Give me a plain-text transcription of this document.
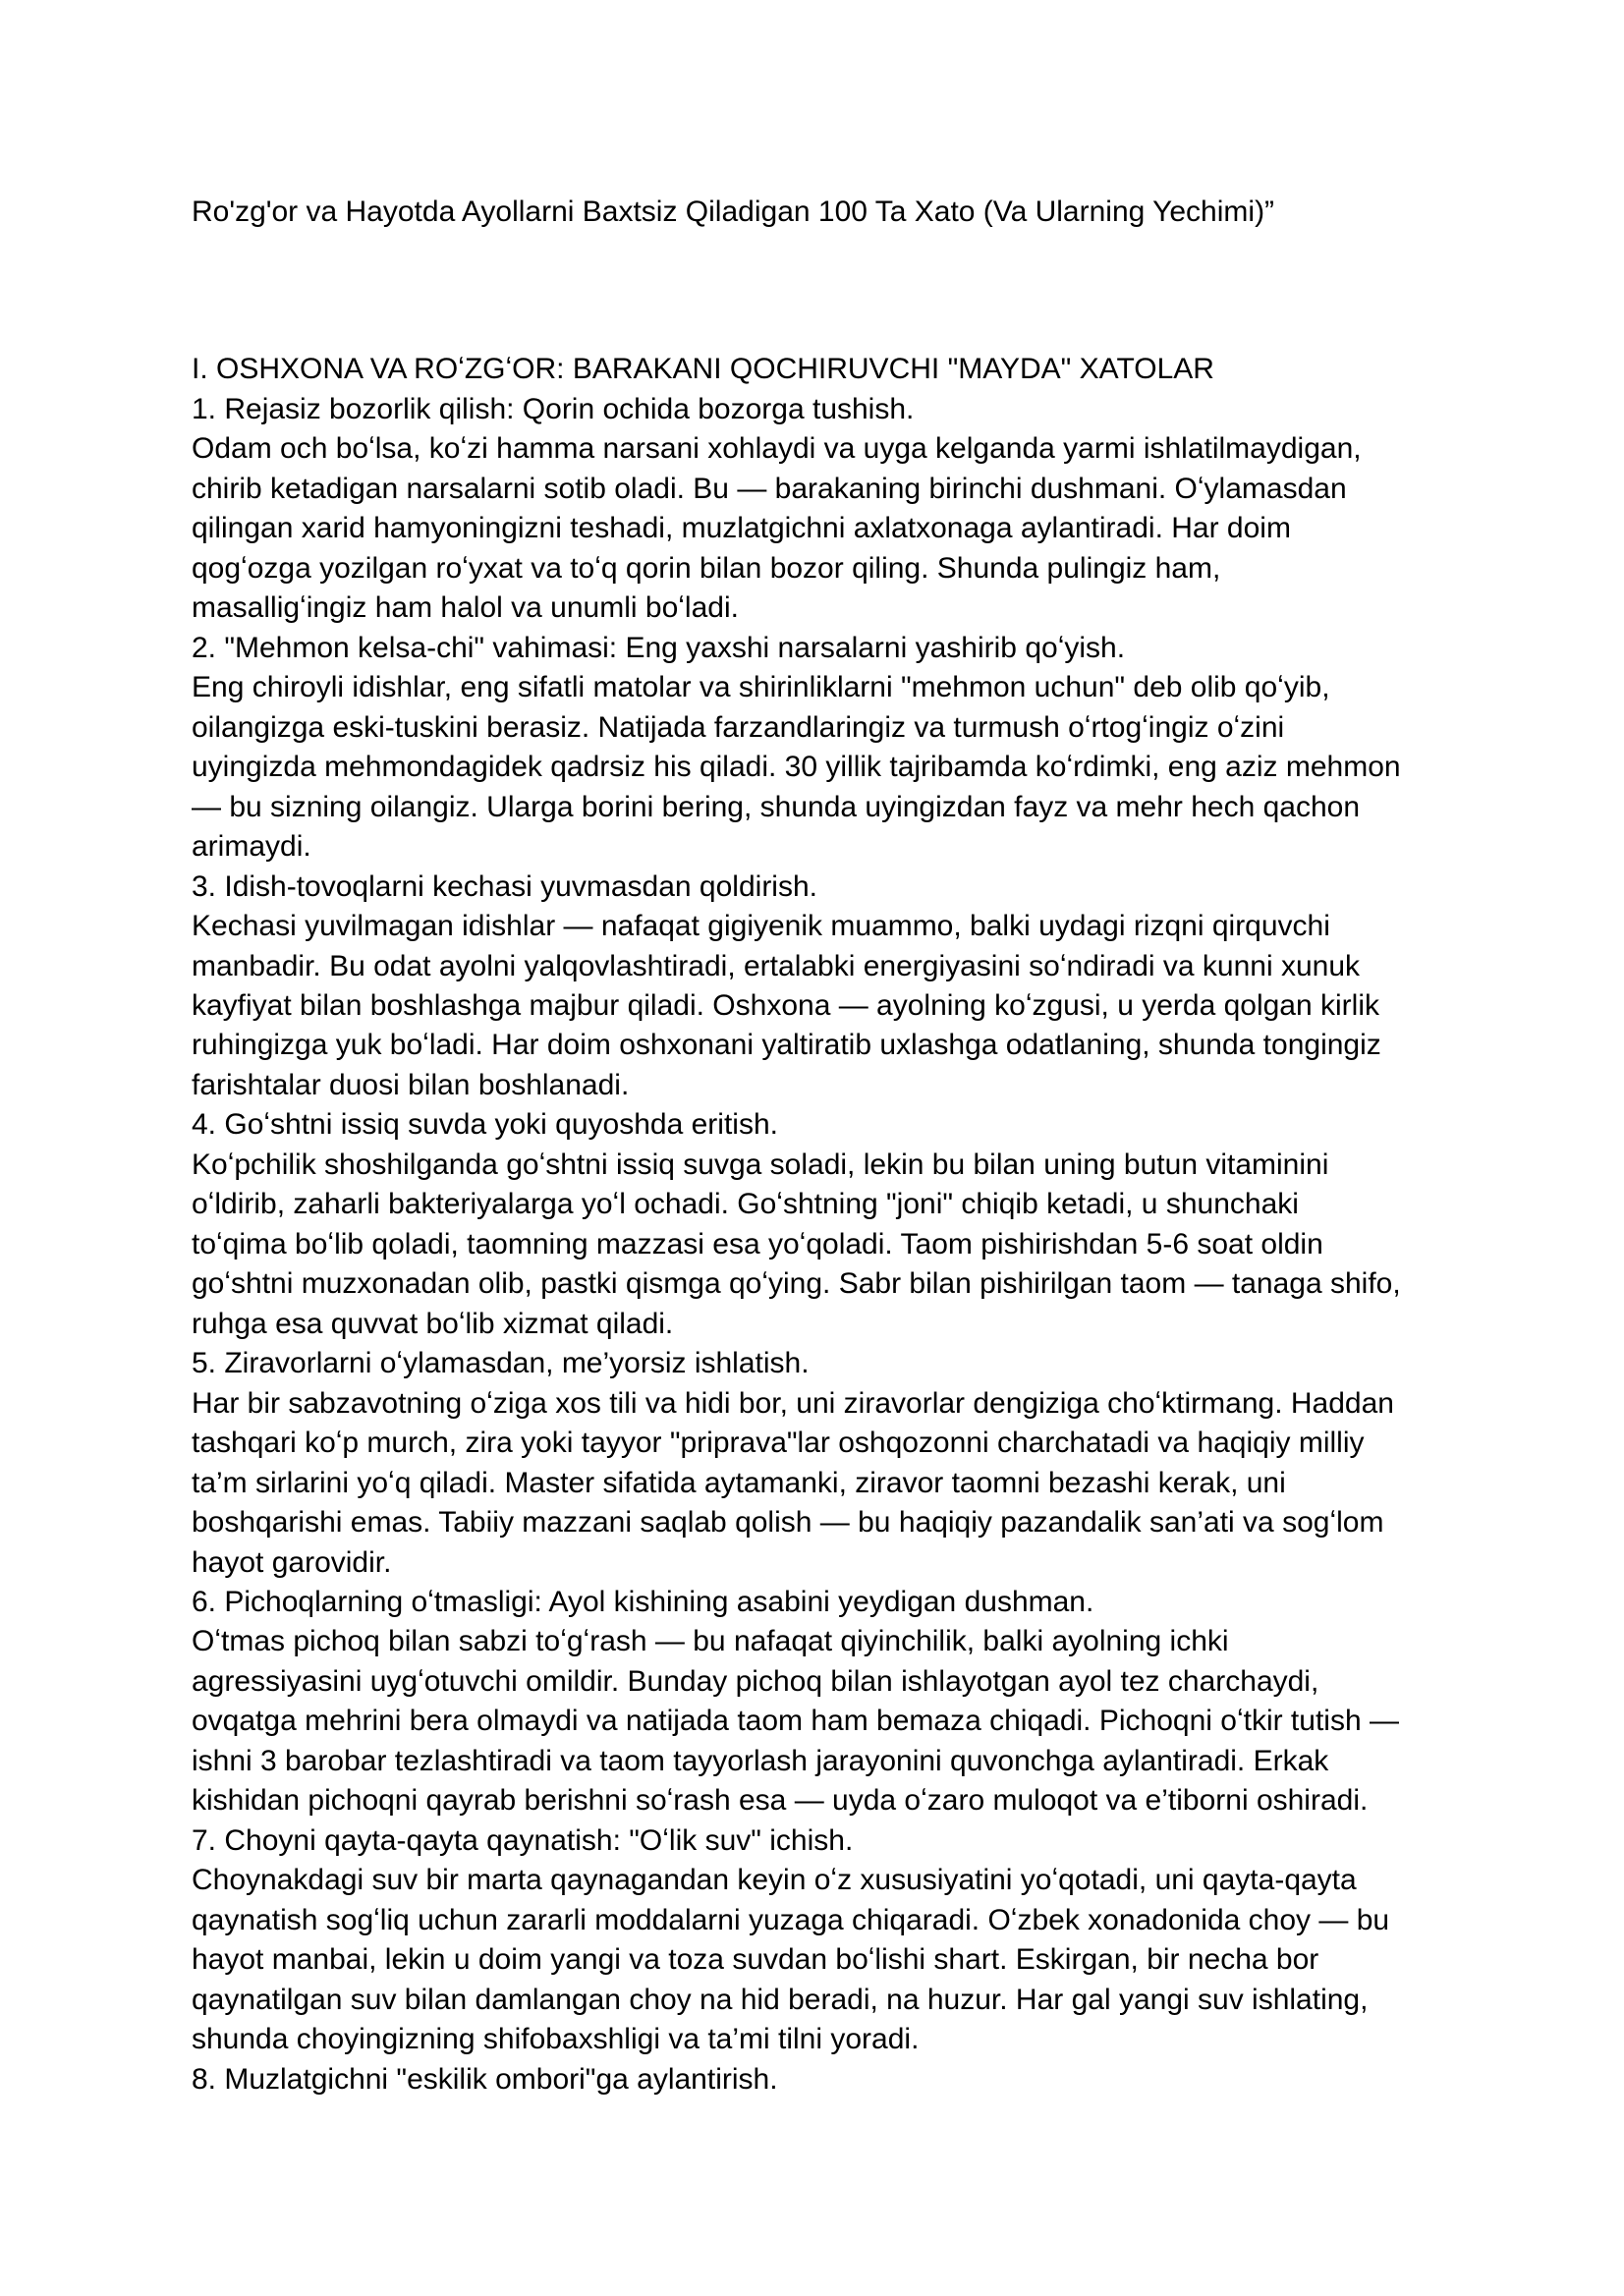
Ro'zg'or va Hayotda Ayollarni Baxtsiz Qiladigan 100 Ta Xato (Va Ularning Yechimi)”
I. OSHXONA VA ROʻZGʻOR: BARAKANI QOCHIRUVCHI "MAYDA" XATOLAR
1. Rejasiz bozorlik qilish: Qorin ochida bozorga tushish.
Odam och boʻlsa, koʻzi hamma narsani xohlaydi va uyga kelganda yarmi ishlatilmaydigan,
chirib ketadigan narsalarni sotib oladi. Bu — barakaning birinchi dushmani. Oʻylamasdan
qilingan xarid hamyoningizni teshadi, muzlatgichni axlatxonaga aylantiradi. Har doim
qogʻozga yozilgan roʻyxat va toʻq qorin bilan bozor qiling. Shunda pulingiz ham,
masalligʻingiz ham halol va unumli boʻladi.
2. "Mehmon kelsa-chi" vahimasi: Eng yaxshi narsalarni yashirib qoʻyish.
Eng chiroyli idishlar, eng sifatli matolar va shirinliklarni "mehmon uchun" deb olib qoʻyib,
oilangizga eski-tuskini berasiz. Natijada farzandlaringiz va turmush oʻrtogʻingiz oʻzini
uyingizda mehmondagidek qadrsiz his qiladi. 30 yillik tajribamda koʻrdimki, eng aziz mehmon
— bu sizning oilangiz. Ularga borini bering, shunda uyingizdan fayz va mehr hech qachon
arimaydi.
3. Idish-tovoqlarni kechasi yuvmasdan qoldirish.
Kechasi yuvilmagan idishlar — nafaqat gigiyenik muammo, balki uydagi rizqni qirquvchi
manbadir. Bu odat ayolni yalqovlashtiradi, ertalabki energiyasini soʻndiradi va kunni xunuk
kayfiyat bilan boshlashga majbur qiladi. Oshxona — ayolning koʻzgusi, u yerda qolgan kirlik
ruhingizga yuk boʻladi. Har doim oshxonani yaltiratib uxlashga odatlaning, shunda tongingiz
farishtalar duosi bilan boshlanadi.
4. Goʻshtni issiq suvda yoki quyoshda eritish.
Koʻpchilik shoshilganda goʻshtni issiq suvga soladi, lekin bu bilan uning butun vitaminini
oʻldirib, zaharli bakteriyalarga yoʻl ochadi. Goʻshtning "joni" chiqib ketadi, u shunchaki
toʻqima boʻlib qoladi, taomning mazzasi esa yoʻqoladi. Taom pishirishdan 5-6 soat oldin
goʻshtni muzxonadan olib, pastki qismga qoʻying. Sabr bilan pishirilgan taom — tanaga shifo,
ruhga esa quvvat boʻlib xizmat qiladi.
5. Ziravorlarni oʻylamasdan, me’yorsiz ishlatish.
Har bir sabzavotning oʻziga xos tili va hidi bor, uni ziravorlar dengiziga choʻktirmang. Haddan
tashqari koʻp murch, zira yoki tayyor "priprava"lar oshqozonni charchatadi va haqiqiy milliy
ta’m sirlarini yoʻq qiladi. Master sifatida aytamanki, ziravor taomni bezashi kerak, uni
boshqarishi emas. Tabiiy mazzani saqlab qolish — bu haqiqiy pazandalik san’ati va sogʻlom
hayot garovidir.
6. Pichoqlarning oʻtmasligi: Ayol kishining asabini yeydigan dushman.
Oʻtmas pichoq bilan sabzi toʻgʻrash — bu nafaqat qiyinchilik, balki ayolning ichki
agressiyasini uygʻotuvchi omildir. Bunday pichoq bilan ishlayotgan ayol tez charchaydi,
ovqatga mehrini bera olmaydi va natijada taom ham bemaza chiqadi. Pichoqni oʻtkir tutish —
ishni 3 barobar tezlashtiradi va taom tayyorlash jarayonini quvonchga aylantiradi. Erkak
kishidan pichoqni qayrab berishni soʻrash esa — uyda oʻzaro muloqot va e’tiborni oshiradi.
7. Choyni qayta-qayta qaynatish: "Oʻlik suv" ichish.
Choynakdagi suv bir marta qaynagandan keyin oʻz xususiyatini yoʻqotadi, uni qayta-qayta
qaynatish sogʻliq uchun zararli moddalarni yuzaga chiqaradi. Oʻzbek xonadonida choy — bu
hayot manbai, lekin u doim yangi va toza suvdan boʻlishi shart. Eskirgan, bir necha bor
qaynatilgan suv bilan damlangan choy na hid beradi, na huzur. Har gal yangi suv ishlating,
shunda choyingizning shifobaxshligi va ta’mi tilni yoradi.
8. Muzlatgichni "eskilik ombori"ga aylantirish.
